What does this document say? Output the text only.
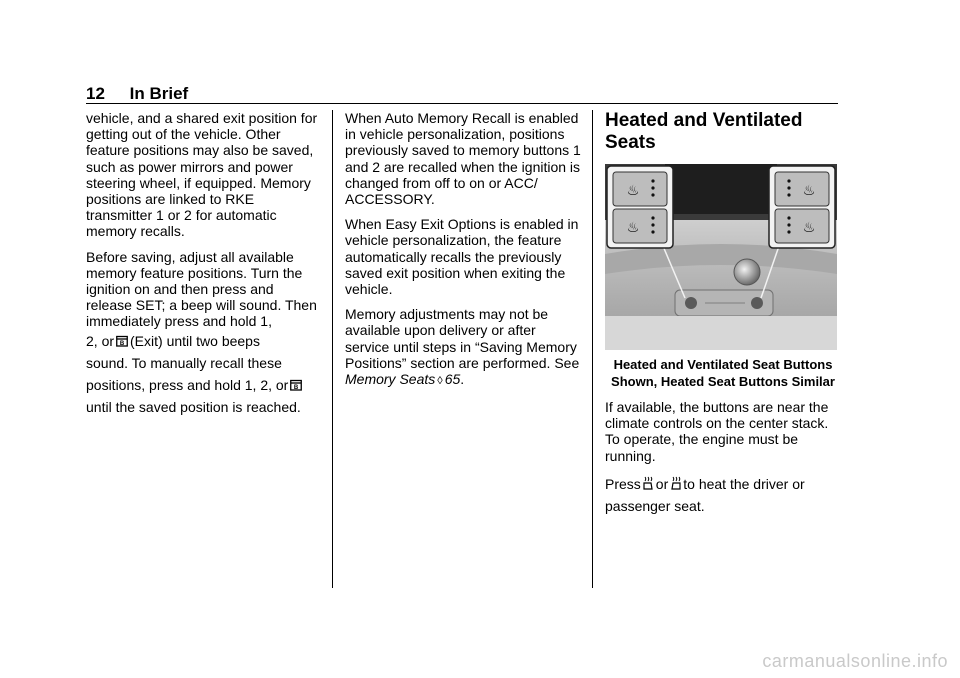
12 In Brief

vehicle, and a shared exit position for getting out of the vehicle. Other feature positions may also be saved, such as power mirrors and power steering wheel, if equipped. Memory positions are linked to RKE transmitter 1 or 2 for automatic memory recalls.

Before saving, adjust all available memory feature positions. Turn the ignition on and then press and release SET; a beep will sound. Then immediately press and hold 1,
2, or B (Exit) until two beeps
sound. To manually recall these
positions, press and hold 1, 2, or B
until the saved position is reached.

When Auto Memory Recall is enabled in vehicle personalization, positions previously saved to memory buttons 1 and 2 are recalled when the ignition is changed from off to on or ACC/ ACCESSORY.

When Easy Exit Options is enabled in vehicle personalization, the feature automatically recalls the previously saved exit position when exiting the vehicle.

Memory adjustments may not be available upon delivery or after service until steps in “Saving Memory Positions” section are performed. See Memory Seats ◊ 65.

Heated and Ventilated Seats
♨
♨
♨
♨
Heated and Ventilated Seat Buttons Shown, Heated Seat Buttons Similar

If available, the buttons are near the climate controls on the center stack. To operate, the engine must be running.

Press or to heat the driver or
passenger seat.

carmanualsonline.info
